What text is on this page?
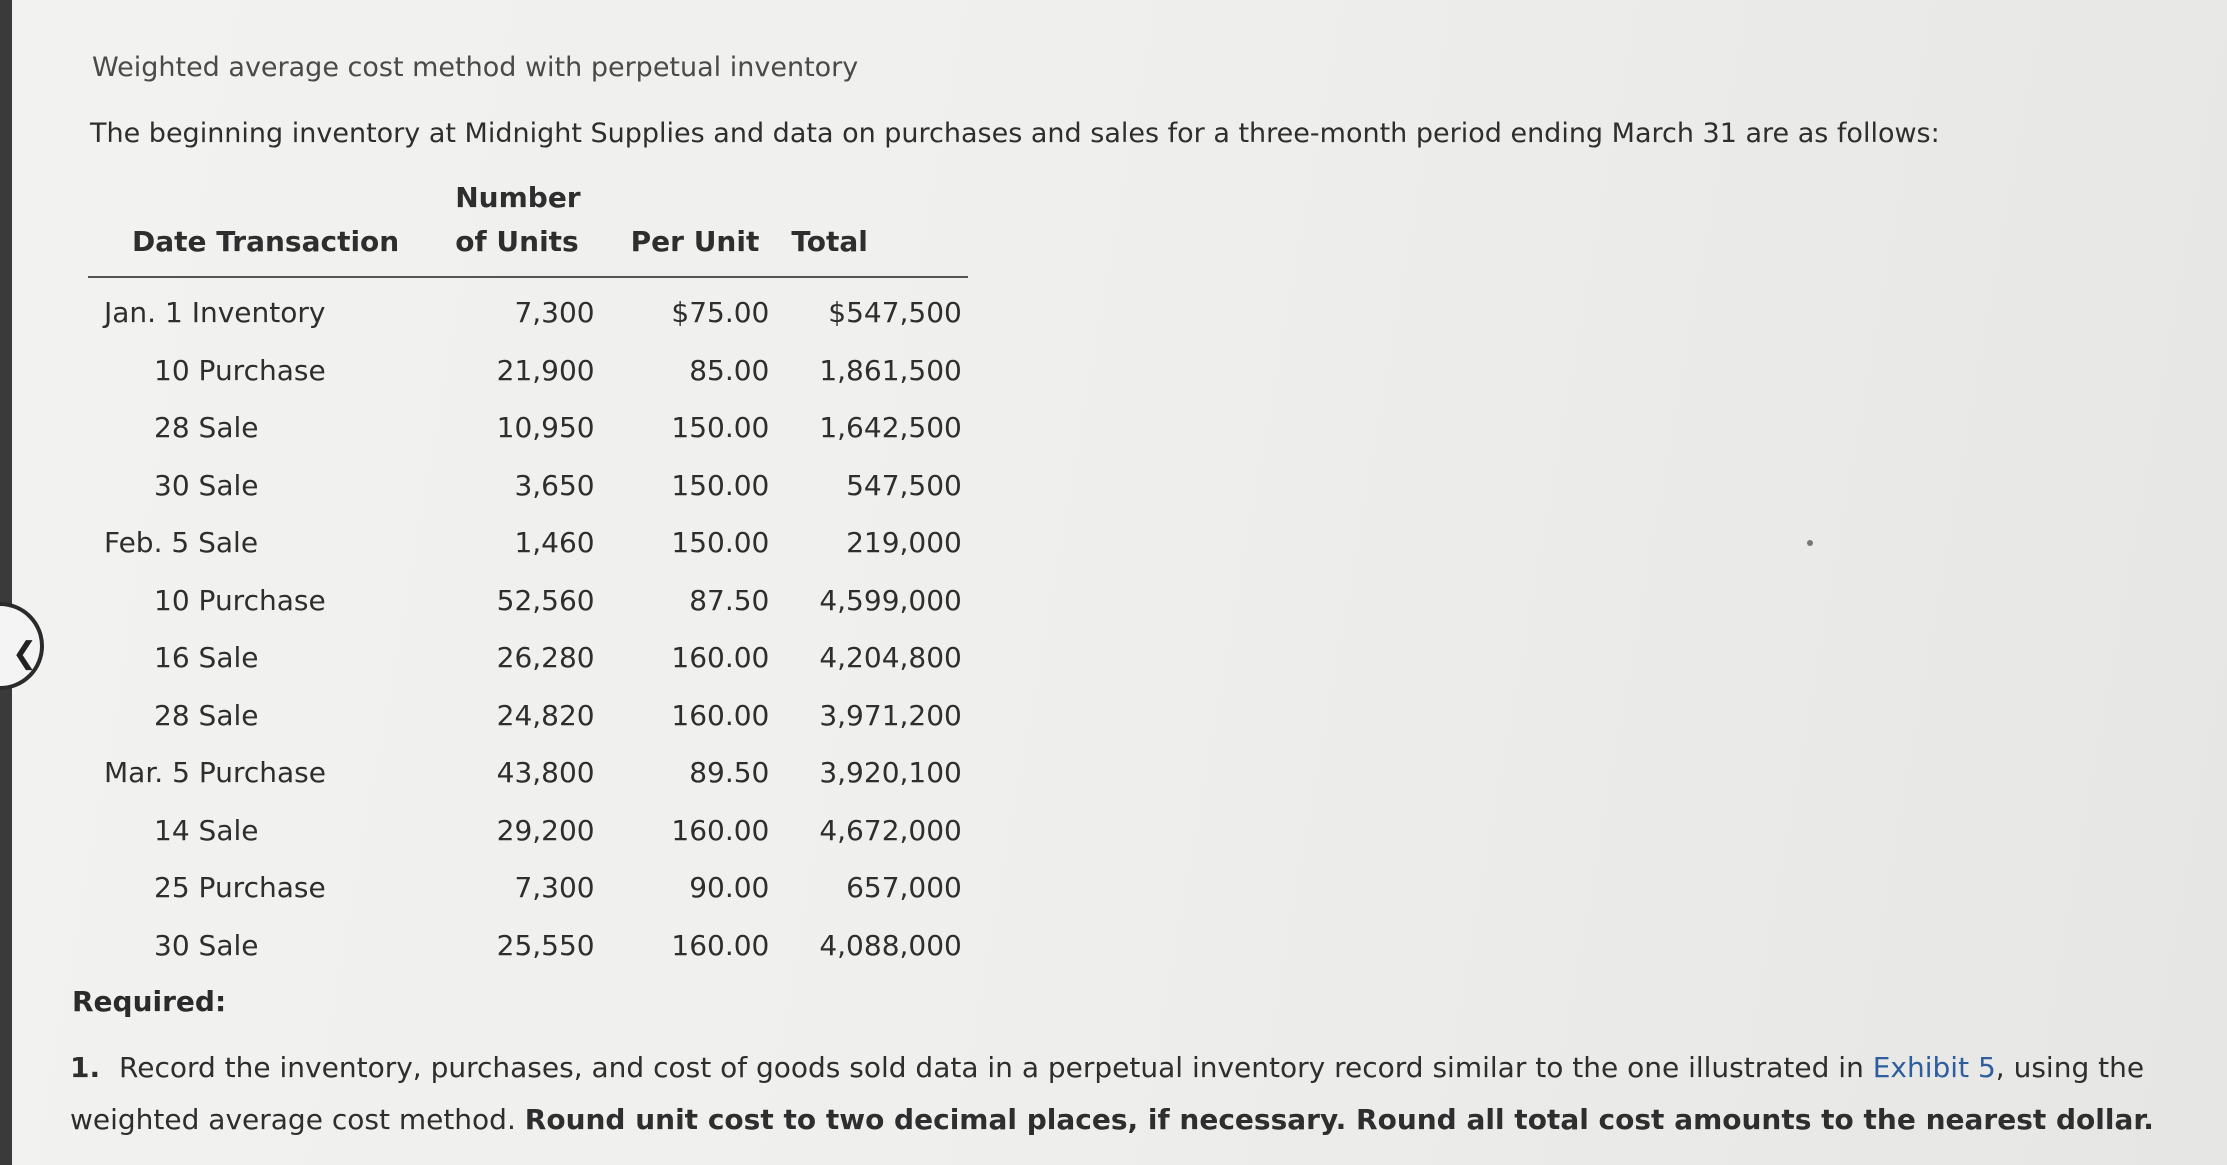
Weighted average cost method with perpetual inventory
The beginning inventory at Midnight Supplies and data on purchases and sales for a three-month period ending March 31 are as follows:
Date Transaction	Number
of Units	Per Unit	Total
Jan. 1 Inventory	7,300	$75.00	$547,500
10 Purchase	21,900	85.00	1,861,500
28 Sale	10,950	150.00	1,642,500
30 Sale	3,650	150.00	547,500
Feb. 5 Sale	1,460	150.00	219,000
10 Purchase	52,560	87.50	4,599,000
16 Sale	26,280	160.00	4,204,800
28 Sale	24,820	160.00	3,971,200
Mar. 5 Purchase	43,800	89.50	3,920,100
14 Sale	29,200	160.00	4,672,000
25 Purchase	7,300	90.00	657,000
30 Sale	25,550	160.00	4,088,000
Required:
1. Record the inventory, purchases, and cost of goods sold data in a perpetual inventory record similar to the one illustrated in Exhibit 5, using the weighted average cost method. Round unit cost to two decimal places, if necessary. Round all total cost amounts to the nearest dollar.
❮
